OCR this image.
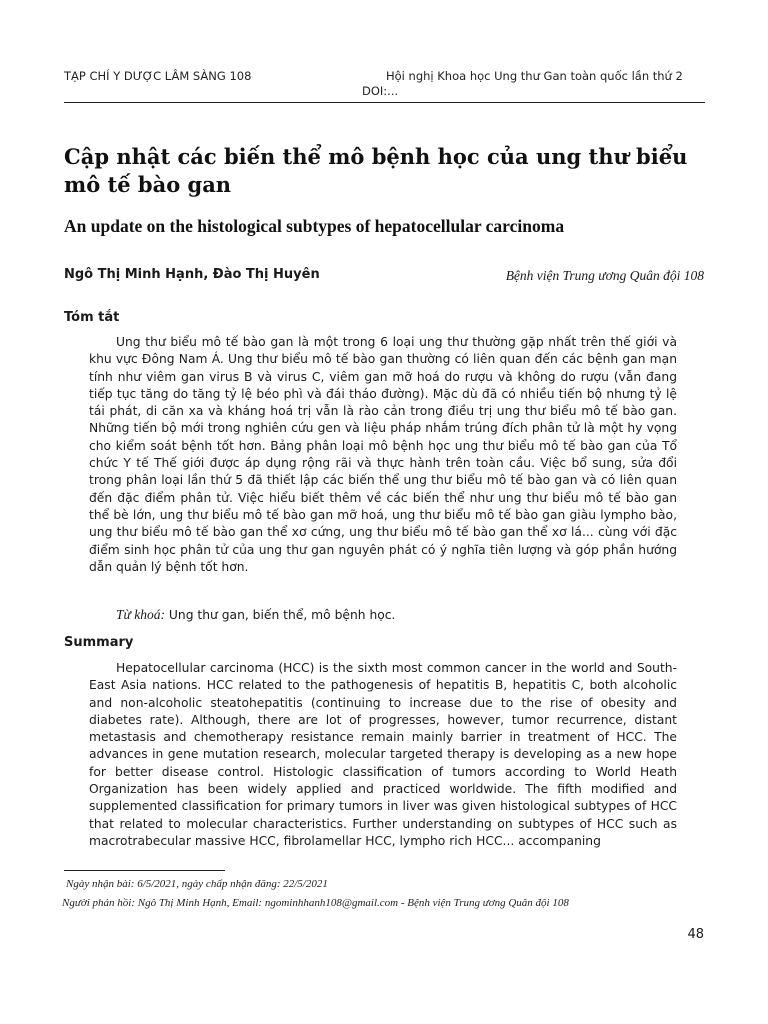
TẠP CHÍ Y DƯỢC LÂM SÀNG 108	Hội nghị Khoa học Ung thư Gan toàn quốc lần thứ 2
DOI:...
Cập nhật các biến thể mô bệnh học của ung thư biểu mô tế bào gan
An update on the histological subtypes of hepatocellular carcinoma
Ngô Thị Minh Hạnh, Đào Thị Huyên	Bệnh viện Trung ương Quân đội 108
Tóm tắt

Ung thư biểu mô tế bào gan là một trong 6 loại ung thư thường gặp nhất trên thế giới và khu vực Đông Nam Á. Ung thư biểu mô tế bào gan thường có liên quan đến các bệnh gan mạn tính như viêm gan virus B và virus C, viêm gan mỡ hoá do rượu và không do rượu (vẫn đang tiếp tục tăng do tăng tỷ lệ béo phì và đái tháo đường). Mặc dù đã có nhiều tiến bộ nhưng tỷ lệ tái phát, di căn xa và kháng hoá trị vẫn là rào cản trong điều trị ung thư biểu mô tế bào gan. Những tiến bộ mới trong nghiên cứu gen và liệu pháp nhắm trúng đích phân tử là một hy vọng cho kiểm soát bệnh tốt hơn. Bảng phân loại mô bệnh học ung thư biểu mô tế bào gan của Tổ chức Y tế Thế giới được áp dụng rộng rãi và thực hành trên toàn cầu. Việc bổ sung, sửa đổi trong phân loại lần thứ 5 đã thiết lập các biến thể ung thư biểu mô tế bào gan và có liên quan đến đặc điểm phân tử. Việc hiểu biết thêm về các biến thể như ung thư biểu mô tế bào gan thể bè lớn, ung thư biểu mô tế bào gan mỡ hoá, ung thư biểu mô tế bào gan giàu lympho bào, ung thư biểu mô tế bào gan thể xơ cứng, ung thư biểu mô tế bào gan thể xơ lá... cùng với đặc điểm sinh học phân tử của ung thư gan nguyên phát có ý nghĩa tiên lượng và góp phần hướng dẫn quản lý bệnh tốt hơn.

Từ khoá: Ung thư gan, biến thể, mô bệnh học.

Summary

Hepatocellular carcinoma (HCC) is the sixth most common cancer in the world and South-East Asia nations. HCC related to the pathogenesis of hepatitis B, hepatitis C, both alcoholic and non-alcoholic steatohepatitis (continuing to increase due to the rise of obesity and diabetes rate). Although, there are lot of progresses, however, tumor recurrence, distant metastasis and chemotherapy resistance remain mainly barrier in treatment of HCC. The advances in gene mutation research, molecular targeted therapy is developing as a new hope for better disease control. Histologic classification of tumors according to World Heath Organization has been widely applied and practiced worldwide. The fifth modified and supplemented classification for primary tumors in liver was given histological subtypes of HCC that related to molecular characteristics. Further understanding on subtypes of HCC such as macrotrabecular massive HCC, fibrolamellar HCC, lympho rich HCC... accompaning

Ngày nhận bài: 6/5/2021, ngày chấp nhận đăng: 22/5/2021
Người phản hồi: Ngô Thị Minh Hạnh, Email: ngominhhanh108@gmail.com - Bệnh viện Trung ương Quân đội 108
48
